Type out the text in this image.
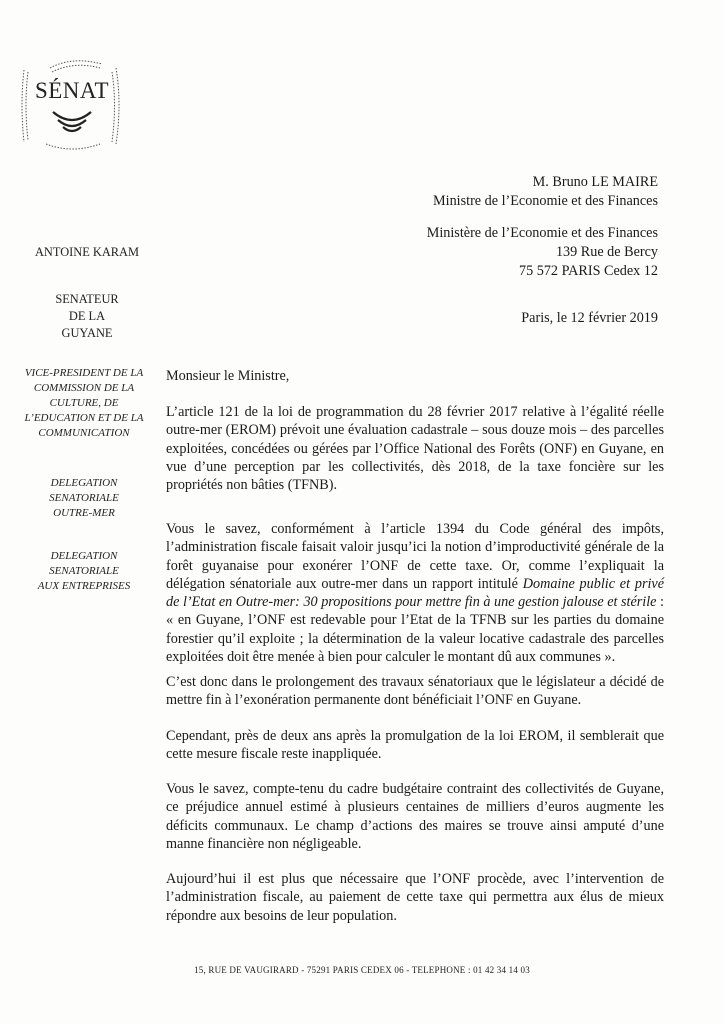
SÉNAT
M. Bruno LE MAIRE
Ministre de l’Economie et des Finances
Ministère de l’Economie et des Finances
139 Rue de Bercy
75 572 PARIS Cedex 12
Paris, le 12 février 2019
ANTOINE KARAM
SENATEUR
DE LA
GUYANE
VICE-PRESIDENT DE LA
COMMISSION DE LA
CULTURE, DE
L’EDUCATION ET DE LA
COMMUNICATION
DELEGATION
SENATORIALE
OUTRE-MER
DELEGATION
SENATORIALE
AUX ENTREPRISES
Monsieur le Ministre,

L’article 121 de la loi de programmation du 28 février 2017 relative à l’égalité réelle outre-mer (EROM) prévoit une évaluation cadastrale – sous douze mois – des parcelles exploitées, concédées ou gérées par l’Office National des Forêts (ONF) en Guyane, en vue d’une perception par les collectivités, dès 2018, de la taxe foncière sur les propriétés non bâties (TFNB).

Vous le savez, conformément à l’article 1394 du Code général des impôts, l’administration fiscale faisait valoir jusqu’ici la notion d’improductivité générale de la forêt guyanaise pour exonérer l’ONF de cette taxe. Or, comme l’expliquait la délégation sénatoriale aux outre-mer dans un rapport intitulé Domaine public et privé de l’Etat en Outre-mer: 30 propositions pour mettre fin à une gestion jalouse et stérile : « en Guyane, l’ONF est redevable pour l’Etat de la TFNB sur les parties du domaine forestier qu’il exploite ; la détermination de la valeur locative cadastrale des parcelles exploitées doit être menée à bien pour calculer le montant dû aux communes ».

C’est donc dans le prolongement des travaux sénatoriaux que le législateur a décidé de mettre fin à l’exonération permanente dont bénéficiait l’ONF en Guyane.

Cependant, près de deux ans après la promulgation de la loi EROM, il semblerait que cette mesure fiscale reste inappliquée.

Vous le savez, compte-tenu du cadre budgétaire contraint des collectivités de Guyane, ce préjudice annuel estimé à plusieurs centaines de milliers d’euros augmente les déficits communaux. Le champ d’actions des maires se trouve ainsi amputé d’une manne financière non négligeable.

Aujourd’hui il est plus que nécessaire que l’ONF procède, avec l’intervention de l’administration fiscale, au paiement de cette taxe qui permettra aux élus de mieux répondre aux besoins de leur population.

15, RUE DE VAUGIRARD - 75291 PARIS CEDEX 06 - TELEPHONE : 01 42 34 14 03
